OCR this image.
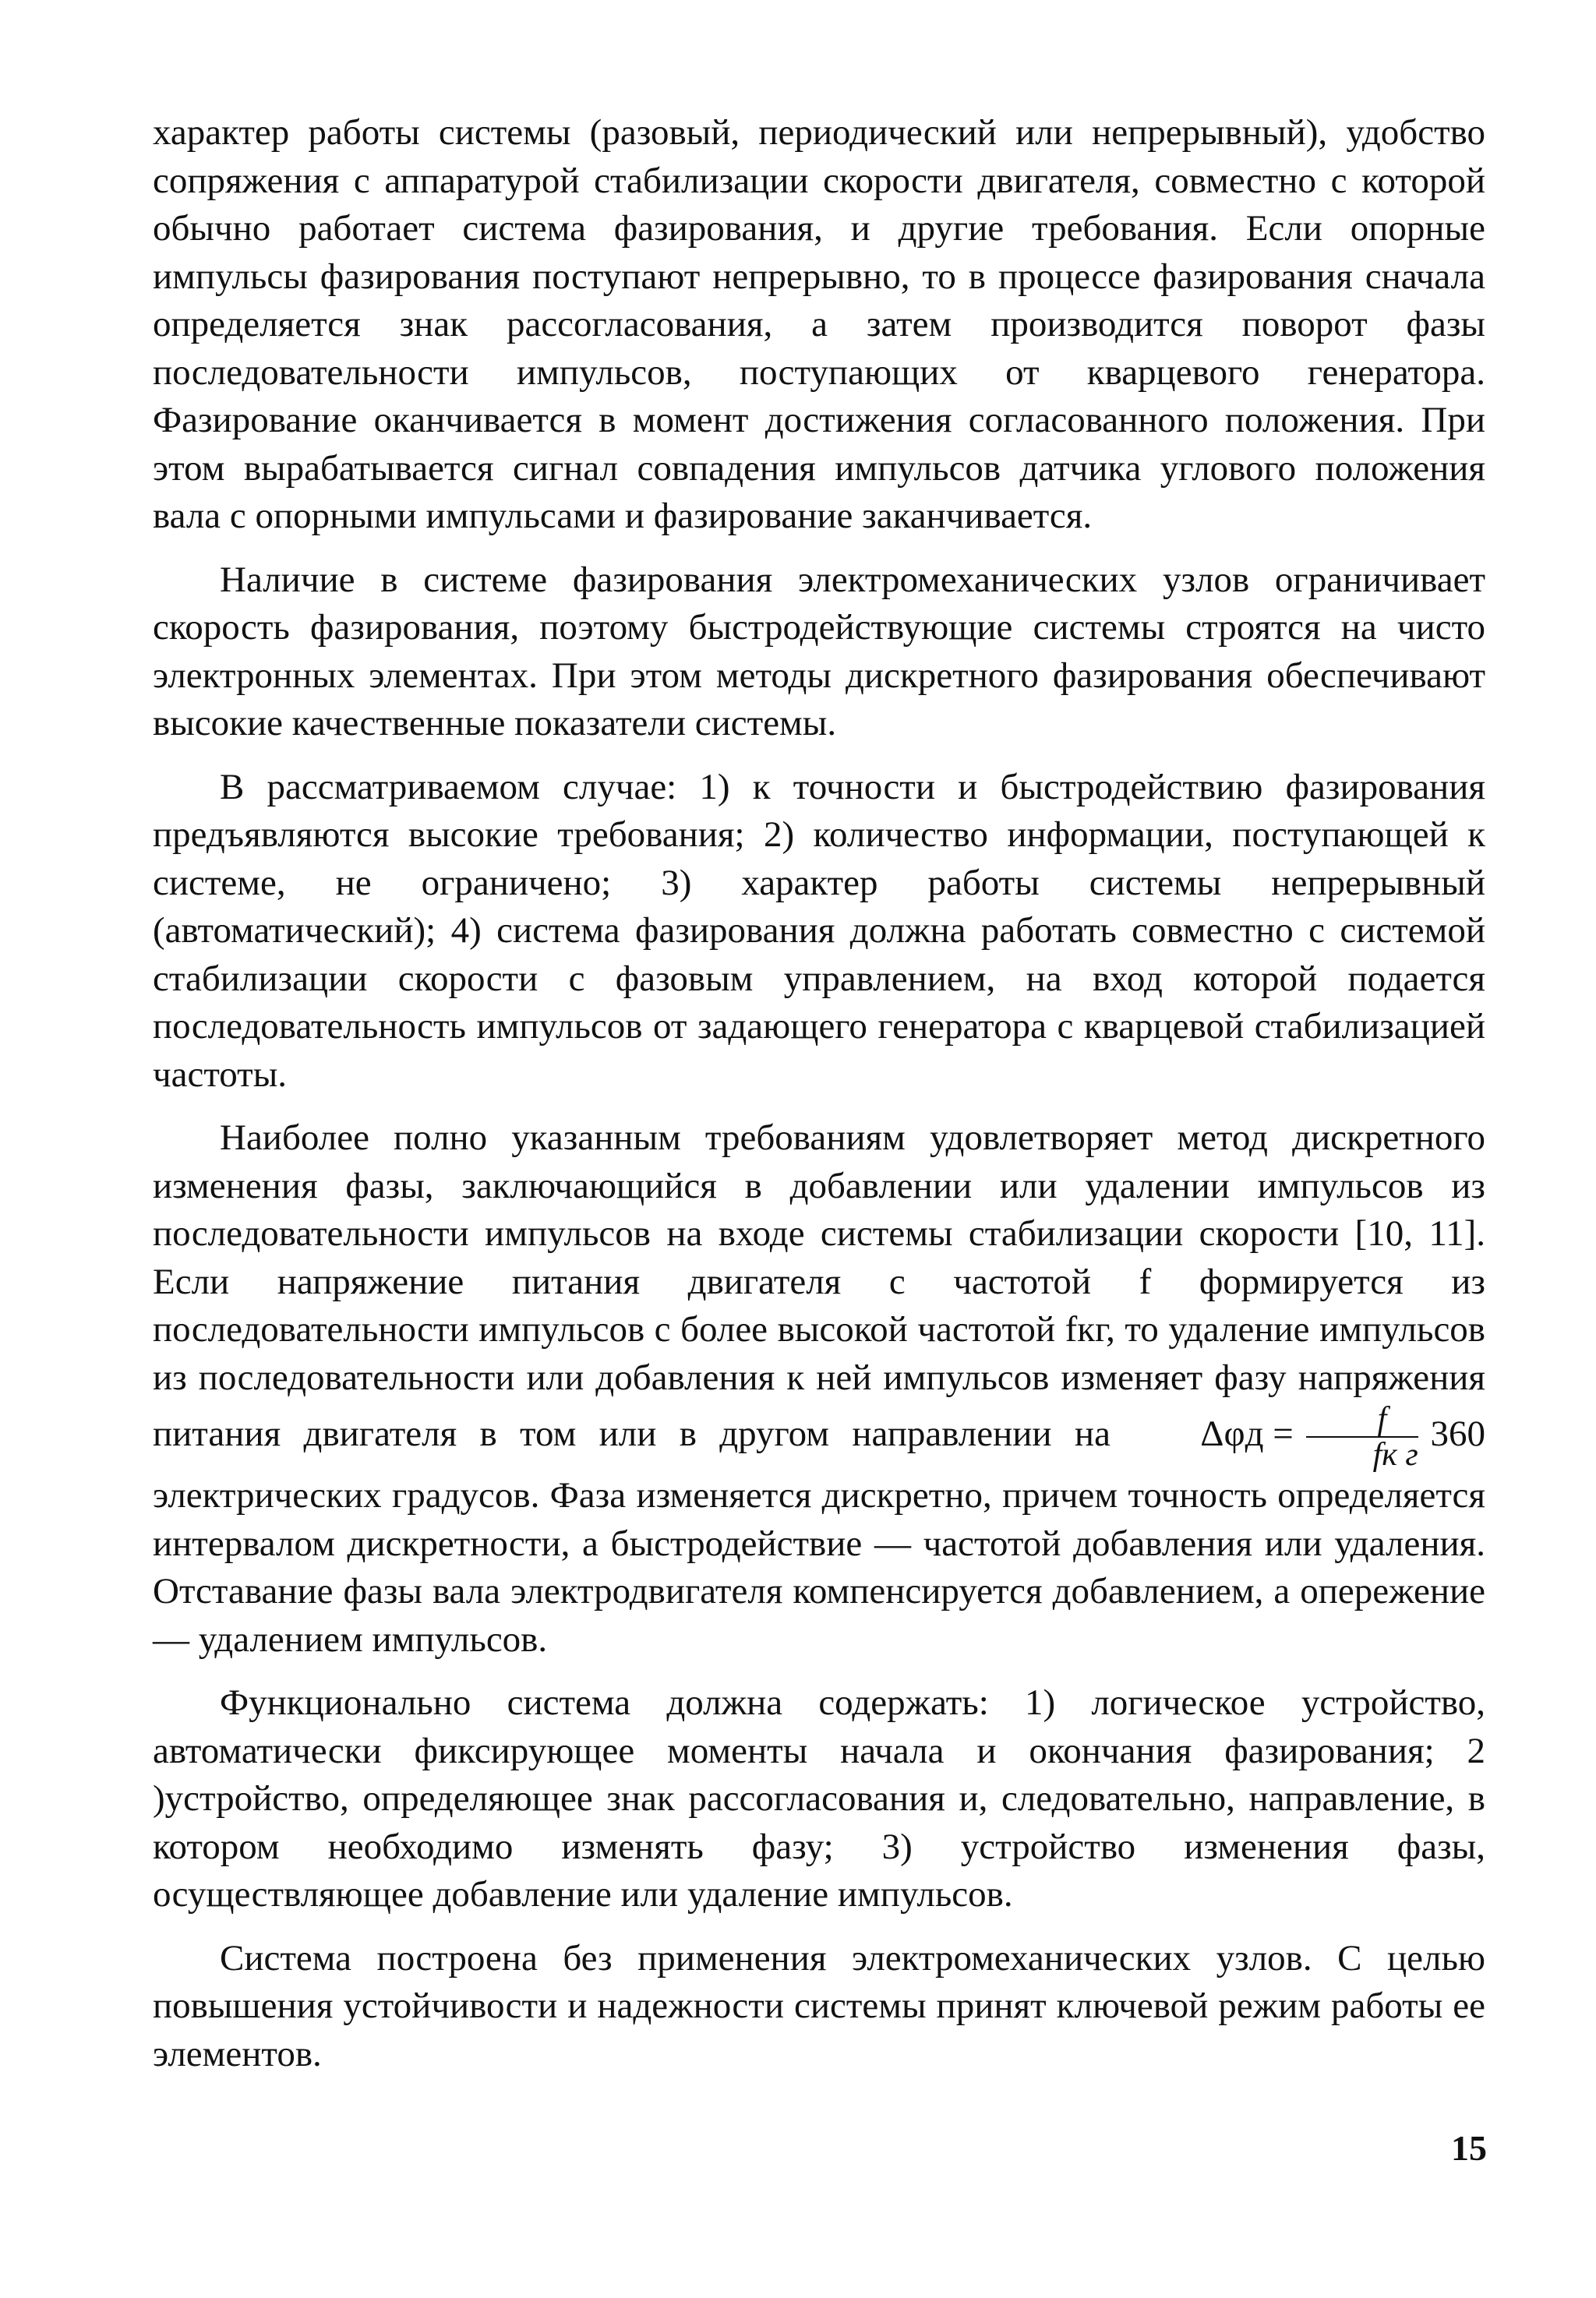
характер работы системы (разовый, периодический или непрерывный), удобство сопряжения с аппаратурой стабилизации скорости двигателя, совместно с которой обычно работает система фазирования, и другие требования. Если опорные импульсы фазирования поступают непрерывно, то в процессе фазирования сначала определяется знак рассогласования, а затем производится поворот фазы последовательности импульсов, поступающих от кварцевого генератора. Фазирование оканчивается в момент достижения согласованного положения. При этом вырабатывается сигнал совпадения импульсов датчика углового положения вала с опорными импульсами и фазирование заканчивается.

Наличие в системе фазирования электромеханических узлов ограничивает скорость фазирования, поэтому быстродействующие системы строятся на чисто электронных элементах. При этом методы дискретного фазирования обеспечивают высокие качественные показатели системы.

В рассматриваемом случае: 1) к точности и быстродействию фазирования предъявляются высокие требования; 2) количество информации, поступающей к системе, не ограничено; 3) характер работы системы непрерывный (автоматический); 4) система фазирования должна работать совместно с системой стабилизации скорости с фазовым управлением, на вход которой подается последовательность импульсов от задающего генератора с кварцевой стабилизацией частоты.

Наиболее полно указанным требованиям удовлетворяет метод дискретного изменения фазы, заключающийся в добавлении или удалении импульсов из последовательности импульсов на входе системы стабилизации скорости [10, 11]. Если напряжение питания двигателя с частотой f формируется из последовательности импульсов с более высокой частотой fкг, то удаление импульсов из последовательности или добавления к ней импульсов изменяет фазу напряжения питания двигателя в том или в другом направлении на $\Delta\varphi д = \frac{f}{\text{fк г}} 360$ электрических градусов. Фаза изменяется дискретно, причем точность определяется интервалом дискретности, а быстродействие — частотой добавления или удаления. Отставание фазы вала электродвигателя компенсируется добавлением, а опережение — удалением импульсов.

Функционально система должна содержать: 1) логическое устройство, автоматически фиксирующее моменты начала и окончания фазирования; 2 )устройство, определяющее знак рассогласования и, следовательно, направление, в котором необходимо изменять фазу; 3) устройство изменения фазы, осуществляющее добавление или удаление импульсов.

Система построена без применения электромеханических узлов. С целью повышения устойчивости и надежности системы принят ключевой режим работы ее элементов.

15
